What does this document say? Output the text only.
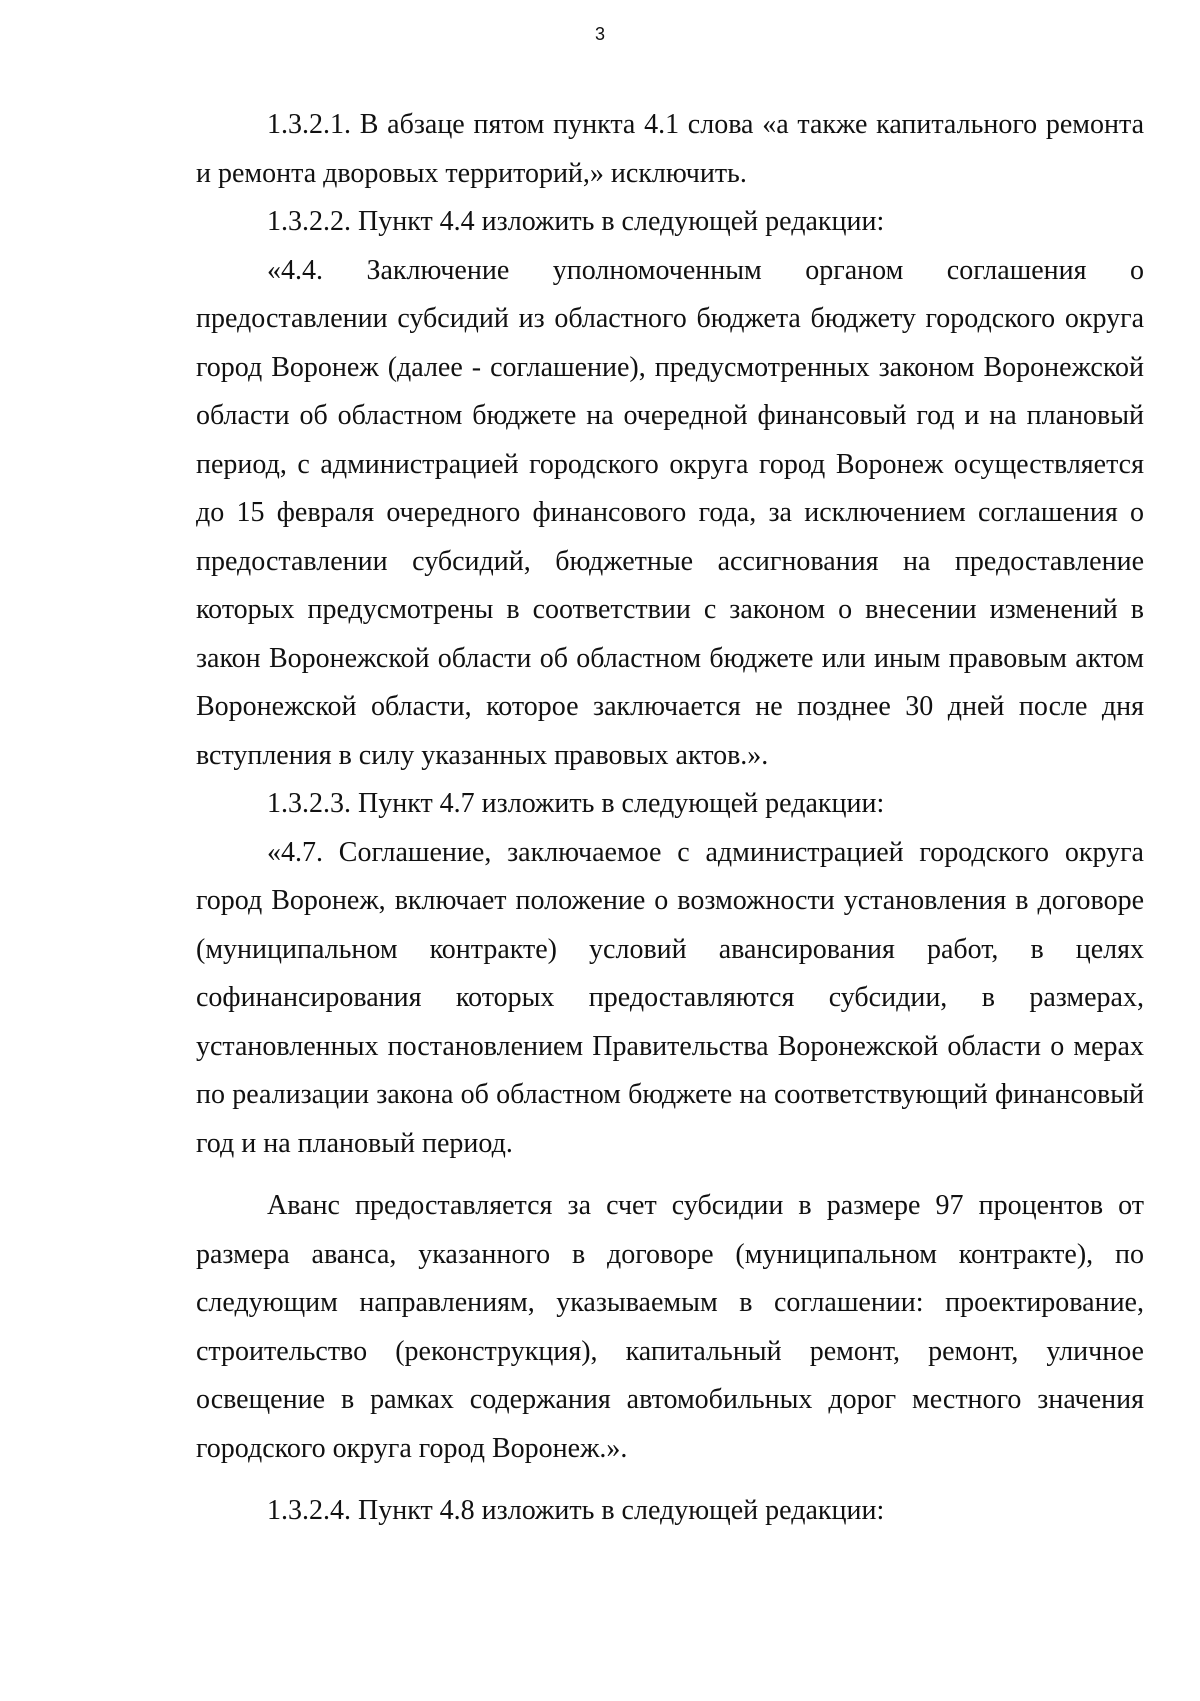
3

1.3.2.1. В абзаце пятом пункта 4.1 слова «а также капитального ремонта и ремонта дворовых территорий,» исключить.

1.3.2.2. Пункт 4.4 изложить в следующей редакции:

«4.4. Заключение уполномоченным органом соглашения о предоставлении субсидий из областного бюджета бюджету городского округа город Воронеж (далее - соглашение), предусмотренных законом Воронежской области об областном бюджете на очередной финансовый год и на плановый период, с администрацией городского округа город Воронеж осуществляется до 15 февраля очередного финансового года, за исключением соглашения о предоставлении субсидий, бюджетные ассигнования на предоставление которых предусмотрены в соответствии с законом о внесении изменений в закон Воронежской области об областном бюджете или иным правовым актом Воронежской области, которое заключается не позднее 30 дней после дня вступления в силу указанных правовых актов.».

1.3.2.3. Пункт 4.7 изложить в следующей редакции:

«4.7. Соглашение, заключаемое с администрацией городского округа город Воронеж, включает положение о возможности установления в договоре (муниципальном контракте) условий авансирования работ, в целях софинансирования которых предоставляются субсидии, в размерах, установленных постановлением Правительства Воронежской области о мерах по реализации закона об областном бюджете на соответствующий финансовый год и на плановый период.

Аванс предоставляется за счет субсидии в размере 97 процентов от размера аванса, указанного в договоре (муниципальном контракте), по следующим направлениям, указываемым в соглашении: проектирование, строительство (реконструкция), капитальный ремонт, ремонт, уличное освещение в рамках содержания автомобильных дорог местного значения городского округа город Воронеж.».

1.3.2.4. Пункт 4.8 изложить в следующей редакции:
